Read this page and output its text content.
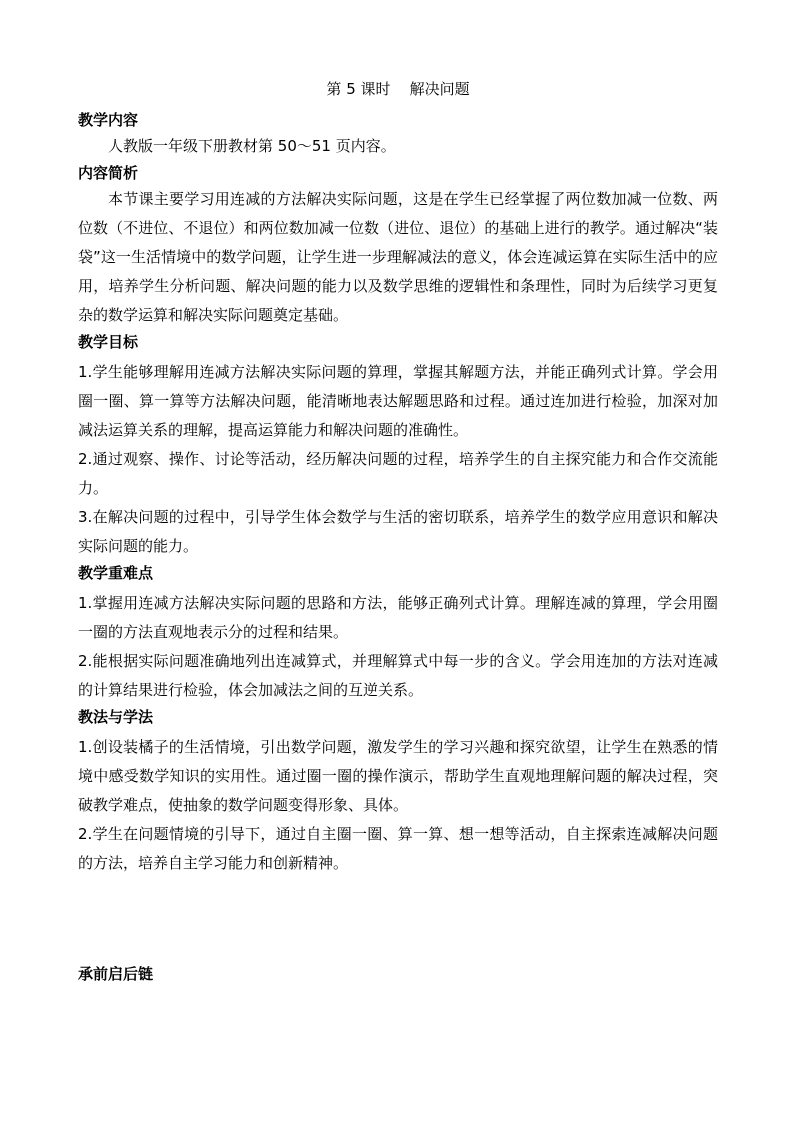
第 5 课时    解决问题
教学内容

人教版一年级下册教材第 50～51 页内容。

内容简析

本节课主要学习用连减的方法解决实际问题，这是在学生已经掌握了两位数加减一位数、两位数（不进位、不退位）和两位数加减一位数（进位、退位）的基础上进行的教学。通过解决“装袋”这一生活情境中的数学问题，让学生进一步理解减法的意义，体会连减运算在实际生活中的应用，培养学生分析问题、解决问题的能力以及数学思维的逻辑性和条理性，同时为后续学习更复杂的数学运算和解决实际问题奠定基础。

教学目标
1.学生能够理解用连减方法解决实际问题的算理，掌握其解题方法，并能正确列式计算。学会用圈一圈、算一算等方法解决问题，能清晰地表达解题思路和过程。通过连加进行检验，加深对加减法运算关系的理解，提高运算能力和解决问题的准确性。
2.通过观察、操作、讨论等活动，经历解决问题的过程，培养学生的自主探究能力和合作交流能力。
3.在解决问题的过程中，引导学生体会数学与生活的密切联系，培养学生的数学应用意识和解决实际问题的能力。
教学重难点
1.掌握用连减方法解决实际问题的思路和方法，能够正确列式计算。理解连减的算理，学会用圈一圈的方法直观地表示分的过程和结果。
2.能根据实际问题准确地列出连减算式，并理解算式中每一步的含义。学会用连加的方法对连减的计算结果进行检验，体会加减法之间的互逆关系。
教法与学法
1.创设装橘子的生活情境，引出数学问题，激发学生的学习兴趣和探究欲望，让学生在熟悉的情境中感受数学知识的实用性。通过圈一圈的操作演示，帮助学生直观地理解问题的解决过程，突破教学难点，使抽象的数学问题变得形象、具体。
2.学生在问题情境的引导下，通过自主圈一圈、算一算、想一想等活动，自主探索连减解决问题的方法，培养自主学习能力和创新精神。
承前启后链
